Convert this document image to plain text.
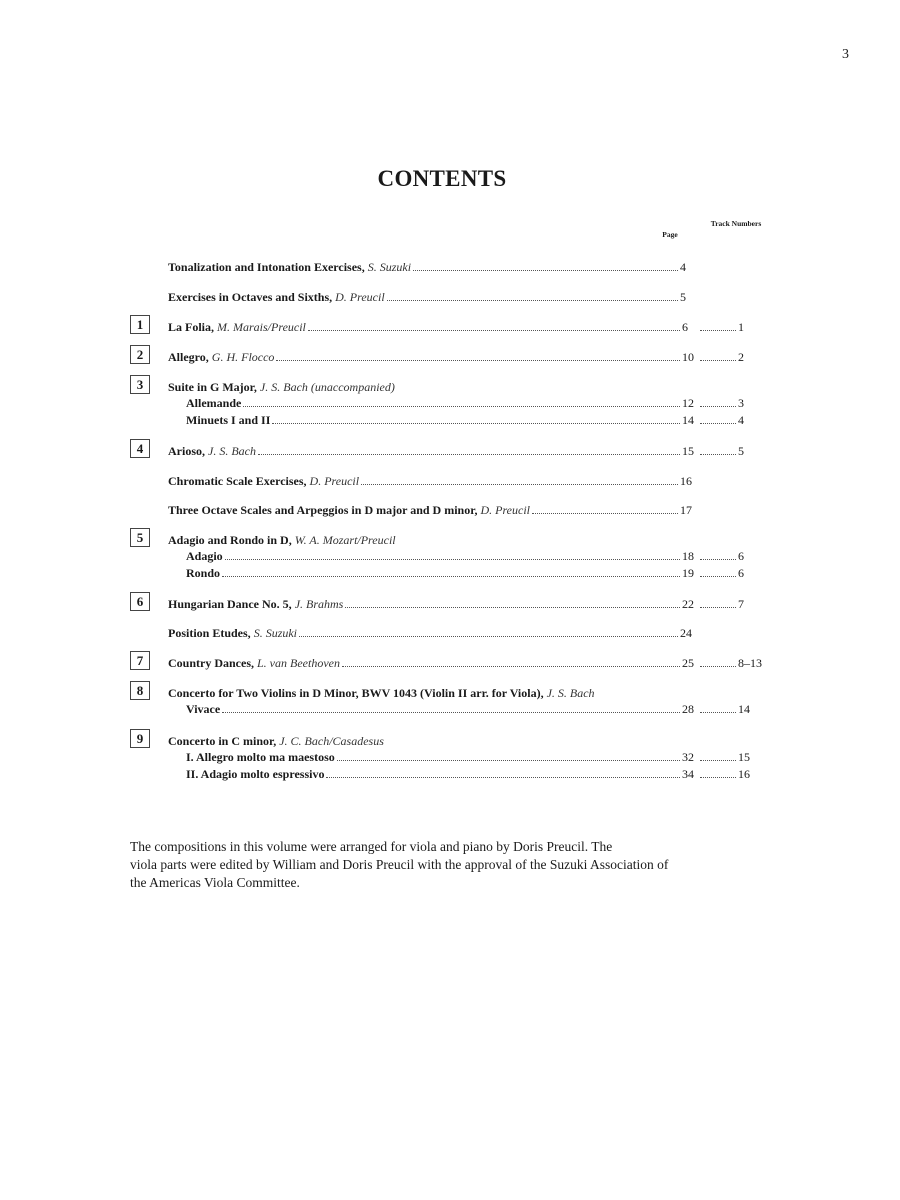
3
CONTENTS
Page
Track Numbers
Tonalization and Intonation Exercises, S. Suzuki	4
Exercises in Octaves and Sixths, D. Preucil	5
1	La Folia, M. Marais/Preucil	6	1
2	Allegro, G. H. Flocco	10	2
3	Suite in G Major, J. S. Bach (unaccompanied)
Allemande	12	3
Minuets I and II	14	4
4	Arioso, J. S. Bach	15	5
Chromatic Scale Exercises, D. Preucil	16
Three Octave Scales and Arpeggios in D major and D minor, D. Preucil	17
5	Adagio and Rondo in D, W. A. Mozart/Preucil
Adagio	18	6
Rondo	19	6
6	Hungarian Dance No. 5, J. Brahms	22	7
Position Etudes, S. Suzuki	24
7	Country Dances, L. van Beethoven	25	8–13
8	Concerto for Two Violins in D Minor, BWV 1043 (Violin II arr. for Viola), J. S. Bach
Vivace	28	14
9	Concerto in C minor, J. C. Bach/Casadesus
I. Allegro molto ma maestoso	32	15
II. Adagio molto espressivo	34	16

The compositions in this volume were arranged for viola and piano by Doris Preucil. The

viola parts were edited by William and Doris Preucil with the approval of the Suzuki Association of

the Americas Viola Committee.
